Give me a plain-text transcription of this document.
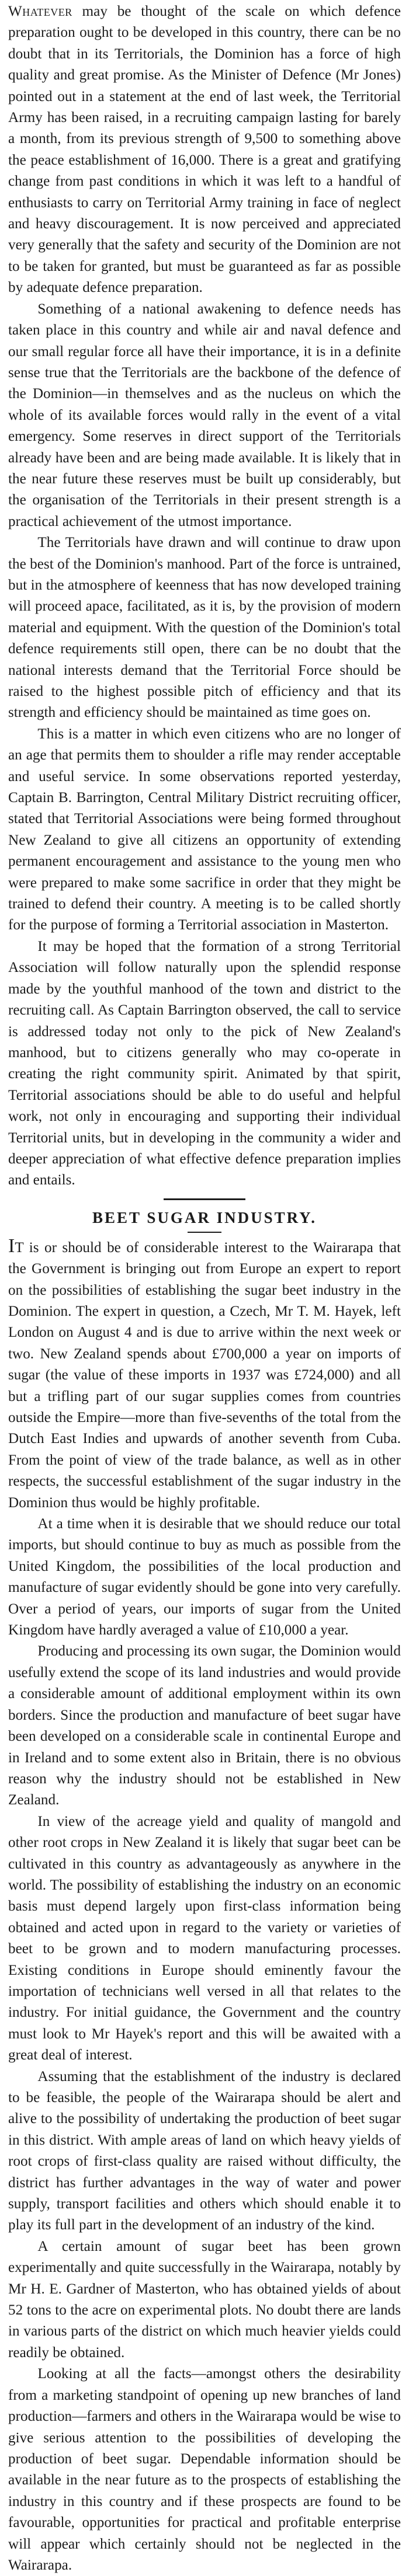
Whatever may be thought of the scale on which defence preparation ought to be developed in this country, there can be no doubt that in its Territorials, the Dominion has a force of high quality and great promise. As the Minister of Defence (Mr Jones) pointed out in a statement at the end of last week, the Territorial Army has been raised, in a recruiting campaign lasting for barely a month, from its previous strength of 9,500 to something above the peace establishment of 16,000. There is a great and gratifying change from past conditions in which it was left to a handful of enthusiasts to carry on Territorial Army training in face of neglect and heavy discouragement. It is now perceived and appreciated very generally that the safety and security of the Dominion are not to be taken for granted, but must be guaranteed as far as possible by adequate defence preparation.

Something of a national awakening to defence needs has taken place in this country and while air and naval defence and our small regular force all have their importance, it is in a definite sense true that the Territorials are the backbone of the defence of the Dominion—in themselves and as the nucleus on which the whole of its available forces would rally in the event of a vital emergency. Some reserves in direct support of the Territorials already have been and are being made available. It is likely that in the near future these reserves must be built up considerably, but the organisation of the Territorials in their present strength is a practical achievement of the utmost importance.

The Territorials have drawn and will continue to draw upon the best of the Dominion's manhood. Part of the force is untrained, but in the atmosphere of keenness that has now developed training will proceed apace, facilitated, as it is, by the provision of modern material and equipment. With the question of the Dominion's total defence requirements still open, there can be no doubt that the national interests demand that the Territorial Force should be raised to the highest possible pitch of efficiency and that its strength and efficiency should be maintained as time goes on.

This is a matter in which even citizens who are no longer of an age that permits them to shoulder a rifle may render acceptable and useful service. In some observations reported yesterday, Captain B. Barrington, Central Military District recruiting officer, stated that Territorial Associations were being formed throughout New Zealand to give all citizens an opportunity of extending permanent encouragement and assistance to the young men who were prepared to make some sacrifice in order that they might be trained to defend their country. A meeting is to be called shortly for the purpose of forming a Territorial association in Masterton.

It may be hoped that the formation of a strong Territorial Association will follow naturally upon the splendid response made by the youthful manhood of the town and district to the recruiting call. As Captain Barrington observed, the call to service is addressed today not only to the pick of New Zealand's manhood, but to citizens generally who may co-operate in creating the right community spirit. Animated by that spirit, Territorial associations should be able to do useful and helpful work, not only in encouraging and supporting their individual Territorial units, but in developing in the community a wider and deeper appreciation of what effective defence preparation implies and entails.

BEET SUGAR INDUSTRY.

IT is or should be of considerable interest to the Wairarapa that the Government is bringing out from Europe an expert to report on the possibilities of establishing the sugar beet industry in the Dominion. The expert in question, a Czech, Mr T. M. Hayek, left London on August 4 and is due to arrive within the next week or two. New Zealand spends about £700,000 a year on imports of sugar (the value of these imports in 1937 was £724,000) and all but a trifling part of our sugar supplies comes from countries outside the Empire—more than five-sevenths of the total from the Dutch East Indies and upwards of another seventh from Cuba. From the point of view of the trade balance, as well as in other respects, the successful establishment of the sugar industry in the Dominion thus would be highly profitable.

At a time when it is desirable that we should reduce our total imports, but should continue to buy as much as possible from the United Kingdom, the possibilities of the local production and manufacture of sugar evidently should be gone into very carefully. Over a period of years, our imports of sugar from the United Kingdom have hardly averaged a value of £10,000 a year.

Producing and processing its own sugar, the Dominion would usefully extend the scope of its land industries and would provide a considerable amount of additional employment within its own borders. Since the production and manufacture of beet sugar have been developed on a considerable scale in continental Europe and in Ireland and to some extent also in Britain, there is no obvious reason why the industry should not be established in New Zealand.

In view of the acreage yield and quality of mangold and other root crops in New Zealand it is likely that sugar beet can be cultivated in this country as advantageously as anywhere in the world. The possibility of establishing the industry on an economic basis must depend largely upon first-class information being obtained and acted upon in regard to the variety or varieties of beet to be grown and to modern manufacturing processes. Existing conditions in Europe should eminently favour the importation of technicians well versed in all that relates to the industry. For initial guidance, the Government and the country must look to Mr Hayek's report and this will be awaited with a great deal of interest.

Assuming that the establishment of the industry is declared to be feasible, the people of the Wairarapa should be alert and alive to the possibility of undertaking the production of beet sugar in this district. With ample areas of land on which heavy yields of root crops of first-class quality are raised without difficulty, the district has further advantages in the way of water and power supply, transport facilities and others which should enable it to play its full part in the development of an industry of the kind.

A certain amount of sugar beet has been grown experimentally and quite successfully in the Wairarapa, notably by Mr H. E. Gardner of Masterton, who has obtained yields of about 52 tons to the acre on experimental plots. No doubt there are lands in various parts of the district on which much heavier yields could readily be obtained.

Looking at all the facts—amongst others the desirability from a marketing standpoint of opening up new branches of land production—farmers and others in the Wairarapa would be wise to give serious attention to the possibilities of developing the production of beet sugar. Dependable information should be available in the near future as to the prospects of establishing the industry in this country and if these prospects are found to be favourable, opportunities for practical and profitable enterprise will appear which certainly should not be neglected in the Wairarapa.
